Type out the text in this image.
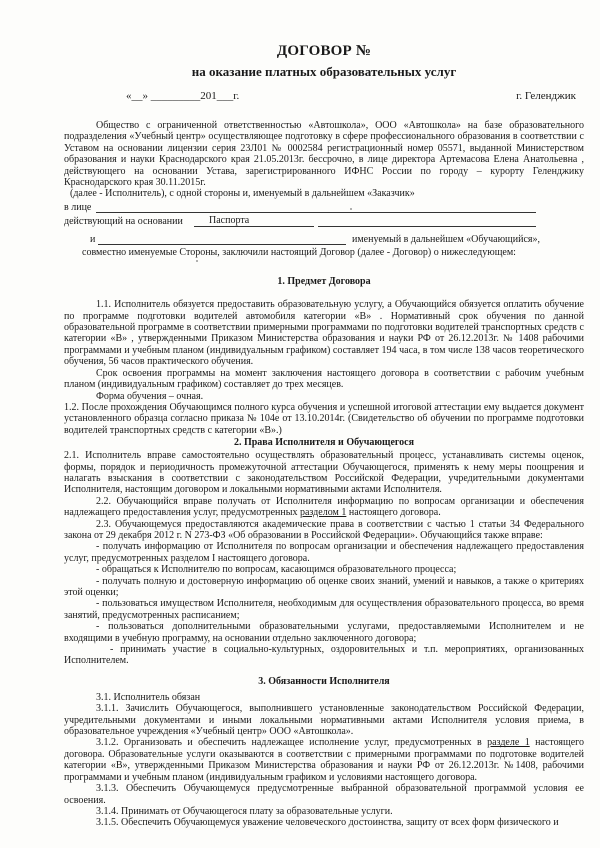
ДОГОВОР №
на оказание платных образовательных услуг
«__» _________201___г.	г. Геленджик

Общество с ограниченной ответственностью «Автошкола», ООО «Автошкола» на базе образовательного подразделения «Учебный центр» осуществляющее подготовку в сфере профессионального образования в соответствии с Уставом на основании лицензии серия 23Л01 № 0002584 регистрационный номер 05571, выданной Министерством образования и науки Краснодарского края 21.05.2013г. бессрочно, в лице директора Артемасова Елена Анатольевна , действующего на основании Устава, зарегистрированного ИФНС России по городу – курорту Геленджику Краснодарского края 30.11.2015г.

(далее - Исполнитель), с одной стороны и, именуемый в дальнейшем «Заказчик»

в лице
действующий на основании	Паспорта
и	именуемый в дальнейшем «Обучающийся»,

совместно именуемые Стороны, заключили настоящий Договор (далее - Договор) о нижеследующем:

1. Предмет Договора

1.1. Исполнитель обязуется предоставить образовательную услугу, а Обучающийся обязуется оплатить обучение по программе подготовки водителей автомобиля категории «В» . Нормативный срок обучения по данной образовательной программе в соответствии примерными программами по подготовки водителей транспортных средств с категории «В» , утвержденными Приказом Министерства образования и науки РФ от 26.12.2013г. № 1408 рабочими программами и учебным планом (индивидуальным графиком) составляет 194 часа, в том числе 138 часов теоретического обучения, 56 часов практического обучения.

Срок освоения программы на момент заключения настоящего договора в соответствии с рабочим учебным планом (индивидуальным графиком) составляет до трех месяцев.

Форма обучения – очная.

1.2. После прохождения Обучающимся полного курса обучения и успешной итоговой аттестации ему выдается документ установленного образца согласно приказа № 104е от 13.10.2014г. (Свидетельство об обучении по программе подготовки водителей транспортных средств с категории «В».)

2. Права Исполнителя и Обучающегося

2.1. Исполнитель вправе самостоятельно осуществлять образовательный процесс, устанавливать системы оценок, формы, порядок и периодичность промежуточной аттестации Обучающегося, применять к нему меры поощрения и налагать взыскания в соответствии с законодательством Российской Федерации, учредительными документами Исполнителя, настоящим договором и локальными нормативными актами Исполнителя.

2.2. Обучающийся вправе получать от Исполнителя информацию по вопросам организации и обеспечения надлежащего предоставления услуг, предусмотренных разделом 1 настоящего договора.

2.3. Обучающемуся предоставляются академические права в соответствии с частью 1 статьи 34 Федерального закона от 29 декабря 2012 г. N 273-ФЗ «Об образовании в Российской Федерации». Обучающийся также вправе:

- получать информацию от Исполнителя по вопросам организации и обеспечения надлежащего предоставления услуг, предусмотренных разделом I настоящего договора.

- обращаться к Исполнителю по вопросам, касающимся образовательного процесса;

- получать полную и достоверную информацию об оценке своих знаний, умений и навыков, а также о критериях этой оценки;

- пользоваться имуществом Исполнителя, необходимым для осуществления образовательного процесса, во время занятий, предусмотренных расписанием;

- пользоваться дополнительными образовательными услугами, предоставляемыми Исполнителем и не входящими в учебную программу, на основании отдельно заключенного договора;

- принимать участие в социально-культурных, оздоровительных и т.п. мероприятиях, организованных Исполнителем.

3. Обязанности Исполнителя

3.1. Исполнитель обязан

3.1.1. Зачислить Обучающегося, выполнившего установленные законодательством Российской Федерации, учредительными документами и иными локальными нормативными актами Исполнителя условия приема, в образовательное учреждения «Учебный центр» ООО «Автошкола».

3.1.2. Организовать и обеспечить надлежащее исполнение услуг, предусмотренных в разделе 1 настоящего договора. Образовательные услуги оказываются в соответствии с примерными программами по подготовке водителей категории «В», утвержденными Приказом Министерства образования и науки РФ от 26.12.2013г. №1408, рабочими программами и учебным планом (индивидуальным графиком и условиями настоящего договора.

3.1.3. Обеспечить Обучающемуся предусмотренные выбранной образовательной программой условия ее освоения.

3.1.4. Принимать от Обучающегося плату за образовательные услуги.

3.1.5. Обеспечить Обучающемуся уважение человеческого достоинства, защиту от всех форм физического и
